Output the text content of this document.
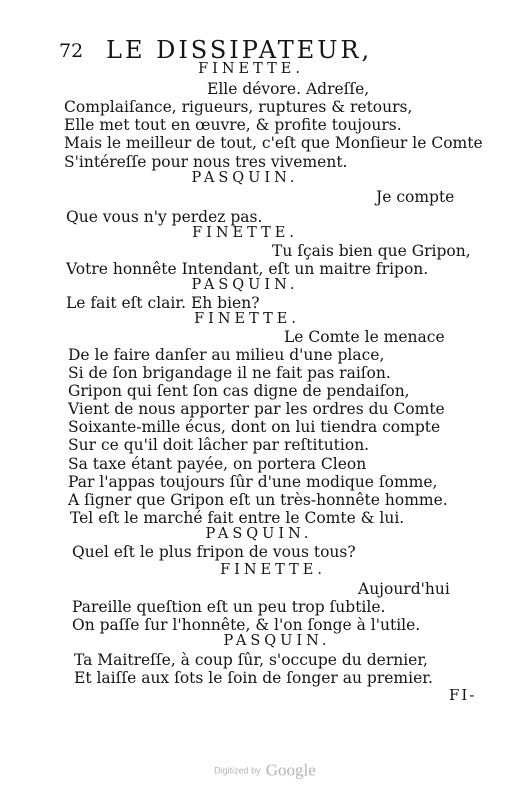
72 LE DISSIPATEUR,
FINETTE.
Elle dévore. Adreſſe,
Complaiſance, rigueurs, ruptures & retours,
Elle met tout en œuvre, & profite toujours.
Mais le meilleur de tout, c'eſt que Monſieur le Comte
S'intéreſſe pour nous tres vivement.
PASQUIN.
Je compte
Que vous n'y perdez pas.
FINETTE.
Tu ſçais bien que Gripon,
Votre honnête Intendant, eſt un maitre fripon.
PASQUIN.
Le fait eſt clair. Eh bien?
FINETTE.
Le Comte le menace
De le faire danſer au milieu d'une place,
Si de ſon brigandage il ne fait pas raiſon.
Gripon qui ſent ſon cas digne de pendaiſon,
Vient de nous apporter par les ordres du Comte
Soixante-mille écus, dont on lui tiendra compte
Sur ce qu'il doit lâcher par reſtitution.
Sa taxe étant payée, on portera Cleon
Par l'appas toujours ſûr d'une modique ſomme,
A ſigner que Gripon eſt un très-honnête homme.
Tel eſt le marché fait entre le Comte & lui.
PASQUIN.
Quel eſt le plus fripon de vous tous?
FINETTE.
Aujourd'hui
Pareille queſtion eſt un peu trop ſubtile.
On paſſe ſur l'honnête, & l'on ſonge à l'utile.
PASQUIN.
Ta Maitreſſe, à coup ſûr, s'occupe du dernier,
Et laiſſe aux ſots le ſoin de ſonger au premier.
FI-
Digitized by Google
